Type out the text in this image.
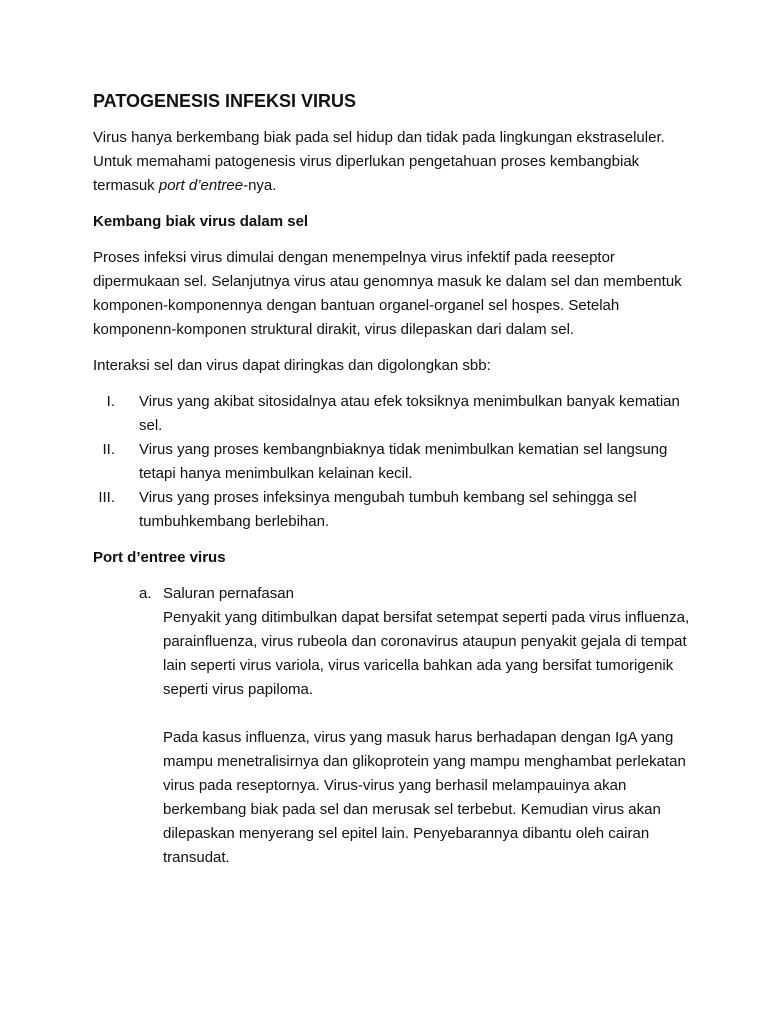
PATOGENESIS INFEKSI VIRUS

Virus hanya berkembang biak pada sel hidup dan tidak pada lingkungan ekstraseluler. Untuk memahami patogenesis virus diperlukan pengetahuan proses kembangbiak termasuk port d’entree-nya.

Kembang biak virus dalam sel

Proses infeksi virus dimulai dengan menempelnya virus infektif pada reeseptor dipermukaan sel. Selanjutnya virus atau genomnya masuk ke dalam sel dan membentuk komponen-komponennya dengan bantuan organel-organel sel hospes. Setelah komponenn-komponen struktural dirakit, virus dilepaskan dari dalam sel.

Interaksi sel dan virus dapat diringkas dan digolongkan sbb:

I. Virus yang akibat sitosidalnya atau efek toksiknya menimbulkan banyak kematian sel.
II. Virus yang proses kembangnbiaknya tidak menimbulkan kematian sel langsung tetapi hanya menimbulkan kelainan kecil.
III. Virus yang proses infeksinya mengubah tumbuh kembang sel sehingga sel tumbuhkembang berlebihan.
Port d’entree virus
a. Saluran pernafasan
Penyakit yang ditimbulkan dapat bersifat setempat seperti pada virus influenza, parainfluenza, virus rubeola dan coronavirus ataupun penyakit gejala di tempat lain seperti virus variola, virus varicella bahkan ada yang bersifat tumorigenik seperti virus papiloma.
Pada kasus influenza, virus yang masuk harus berhadapan dengan IgA yang mampu menetralisirnya dan glikoprotein yang mampu menghambat perlekatan virus pada reseptornya. Virus-virus yang berhasil melampauinya akan berkembang biak pada sel dan merusak sel terbebut. Kemudian virus akan dilepaskan menyerang sel epitel lain. Penyebarannya dibantu oleh cairan transudat.
